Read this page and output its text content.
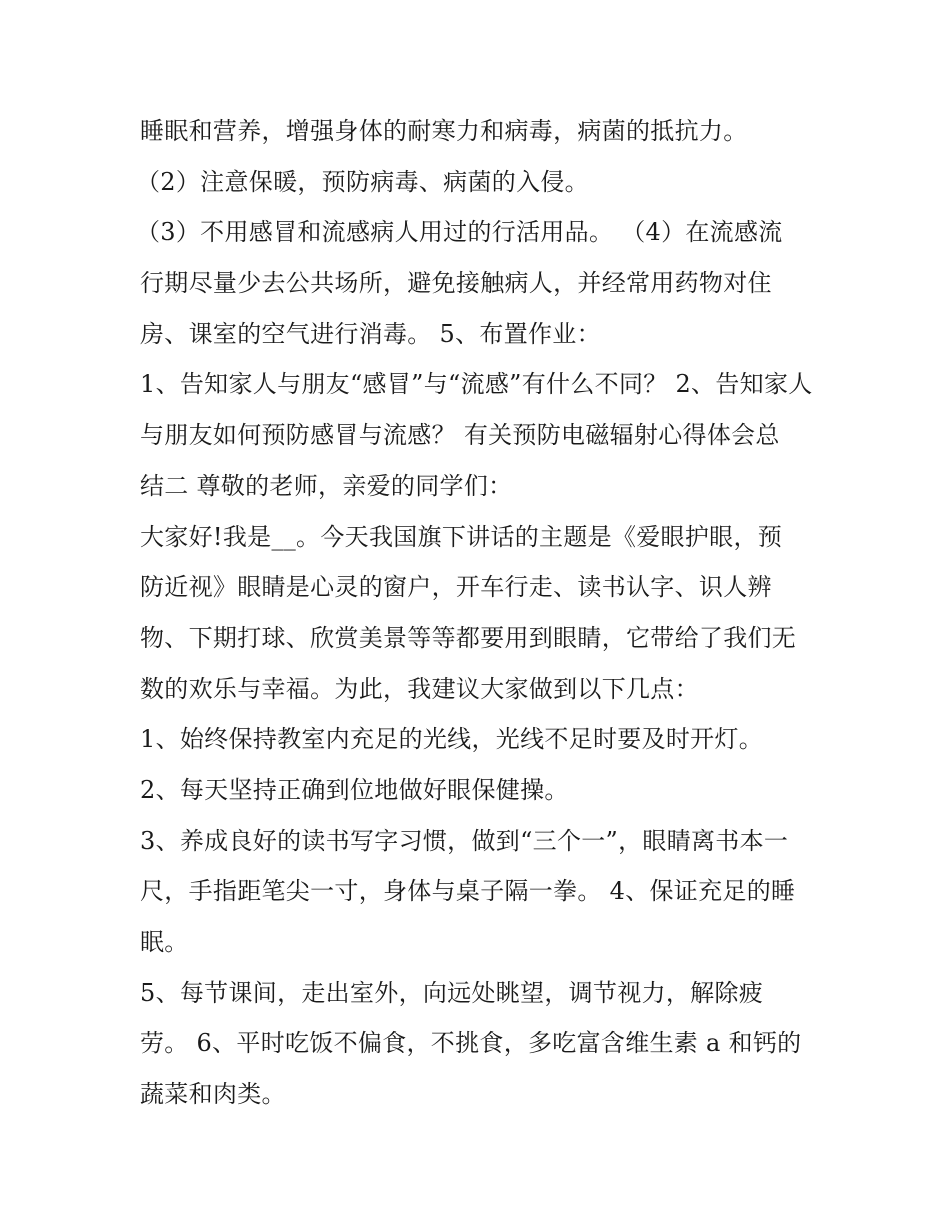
睡眠和营养，增强身体的耐寒力和病毒，病菌的抵抗力。
（2）注意保暖，预防病毒、病菌的入侵。
（3）不用感冒和流感病人用过的行活用品。 （4）在流感流
行期尽量少去公共场所，避免接触病人，并经常用药物对住
房、课室的空气进行消毒。 5、布置作业：
1、告知家人与朋友“感冒”与“流感”有什么不同？ 2、告知家人
与朋友如何预防感冒与流感？ 有关预防电磁辐射心得体会总
结二 尊敬的老师，亲爱的同学们：
大家好!我是__。今天我国旗下讲话的主题是《爱眼护眼，预
防近视》眼睛是心灵的窗户，开车行走、读书认字、识人辨
物、下期打球、欣赏美景等等都要用到眼睛，它带给了我们无
数的欢乐与幸福。为此，我建议大家做到以下几点：
1、始终保持教室内充足的光线，光线不足时要及时开灯。
2、每天坚持正确到位地做好眼保健操。
3、养成良好的读书写字习惯，做到“三个一”，眼睛离书本一
尺，手指距笔尖一寸，身体与桌子隔一拳。 4、保证充足的睡
眠。
5、每节课间，走出室外，向远处眺望，调节视力，解除疲
劳。 6、平时吃饭不偏食，不挑食，多吃富含维生素 a 和钙的
蔬菜和肉类。
